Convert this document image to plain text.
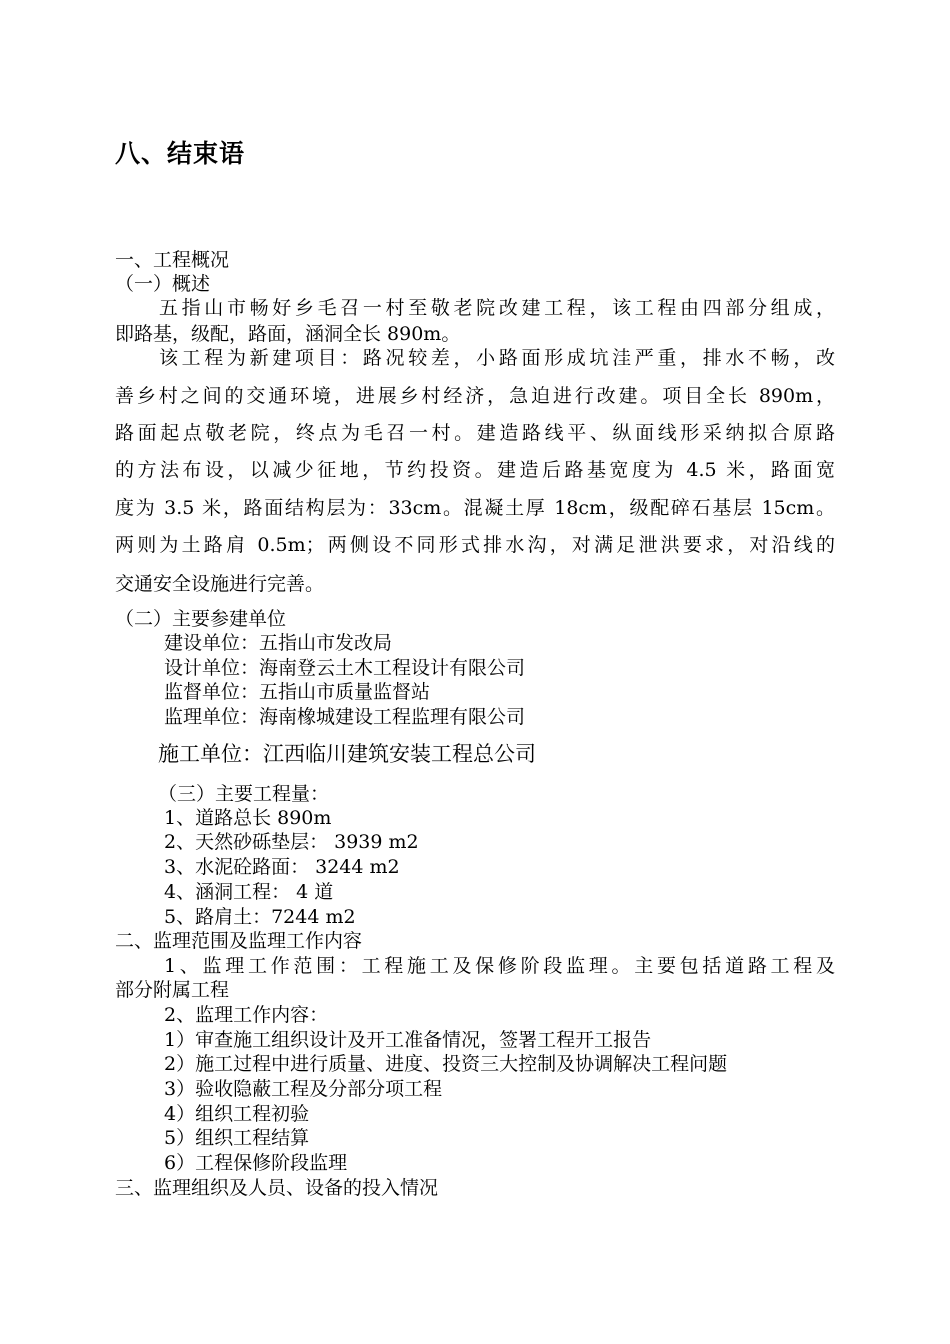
八、结束语
一、工程概况
（一）概述
五指山市畅好乡毛召一村至敬老院改建工程，该工程由四部分组成，
即路基，级配，路面，涵洞全长 890m。
该工程为新建项目：路况较差，小路面形成坑洼严重，排水不畅，改
善乡村之间的交通环境，进展乡村经济，急迫进行改建。项目全长 890m，
路面起点敬老院，终点为毛召一村。建造路线平、纵面线形采纳拟合原路
的方法布设，以减少征地，节约投资。建造后路基宽度为 4.5 米，路面宽
度为 3.5 米，路面结构层为：33cm。混凝土厚 18cm，级配碎石基层 15cm。
两则为土路肩 0.5m；两侧设不同形式排水沟，对满足泄洪要求，对沿线的
交通安全设施进行完善。
（二）主要参建单位
建设单位：五指山市发改局
设计单位：海南登云土木工程设计有限公司
监督单位：五指山市质量监督站
监理单位：海南橡城建设工程监理有限公司
施工单位：江西临川建筑安装工程总公司
（三）主要工程量：
1、道路总长 890m
2、天然砂砾垫层： 3939 m2
3、水泥砼路面： 3244 m2
4、涵洞工程： 4 道
5、路肩土：7244 m2
二、监理范围及监理工作内容
1、监理工作范围：工程施工及保修阶段监理。主要包括道路工程及
部分附属工程
2、监理工作内容：
1）审查施工组织设计及开工准备情况，签署工程开工报告
2）施工过程中进行质量、进度、投资三大控制及协调解决工程问题
3）验收隐蔽工程及分部分项工程
4）组织工程初验
5）组织工程结算
6）工程保修阶段监理
三、监理组织及人员、设备的投入情况
